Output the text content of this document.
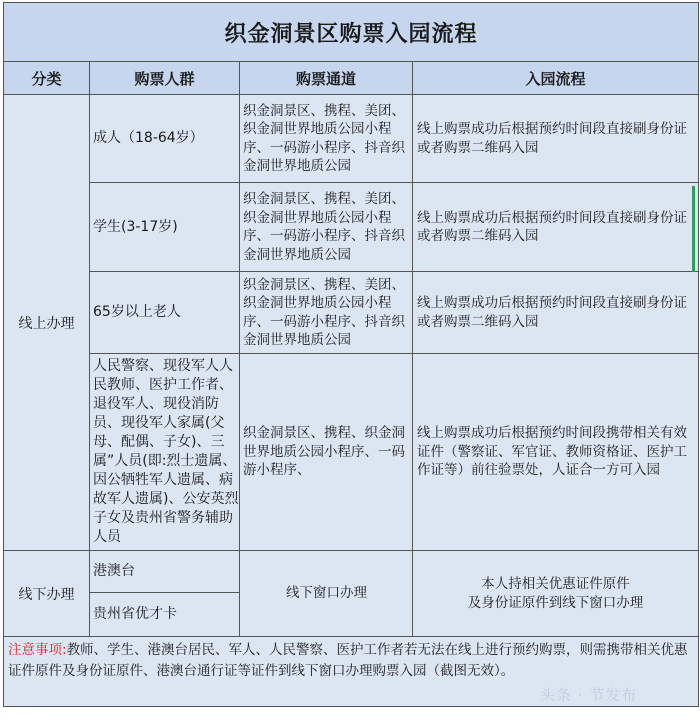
织金洞景区购票入园流程			
分类	购票人群	购票通道	入园流程
线上办理	成人（18-64岁）	织金洞景区、携程、美团、织金洞世界地质公园小程序、一码游小程序、抖音织金洞世界地质公园	线上购票成功后根据预约时间段直接刷身份证或者购票二维码入园
	学生(3-17岁)	织金洞景区、携程、美团、织金洞世界地质公园小程序、一码游小程序、抖音织金洞世界地质公园	线上购票成功后根据预约时间段直接刷身份证或者购票二维码入园
	65岁以上老人	织金洞景区、携程、美团、织金洞世界地质公园小程序、一码游小程序、抖音织金洞世界地质公园	线上购票成功后根据预约时间段直接刷身份证或者购票二维码入园
	人民警察、现役军人人民教师、医护工作者、退役军人、现役消防员、现役军人家属(父母、配偶、子女)、三属”人员(即:烈士遗属、因公牺牲军人遗属、病故军人遗属)、公安英烈子女及贵州省警务辅助人员	织金洞景区、携程、织金洞世界地质公园小程序、一码游小程序、	线上购票成功后根据预约时间段携带相关有效证件（警察证、军官证、教师资格证、医护工作证等）前往验票处，人证合一方可入园
线下办理	港澳台	线下窗口办理	本人持相关优惠证件原件
及身份证原件到线下窗口办理

	贵州省优才卡		
注意事项:教师、学生、港澳台居民、军人、人民警察、医护工作者若无法在线上进行预约购票，则需携带相关优惠证件原件及身份证原件、港澳台通行证等证件到线下窗口办理购票入园（截图无效）。			
头条 · 节发布
